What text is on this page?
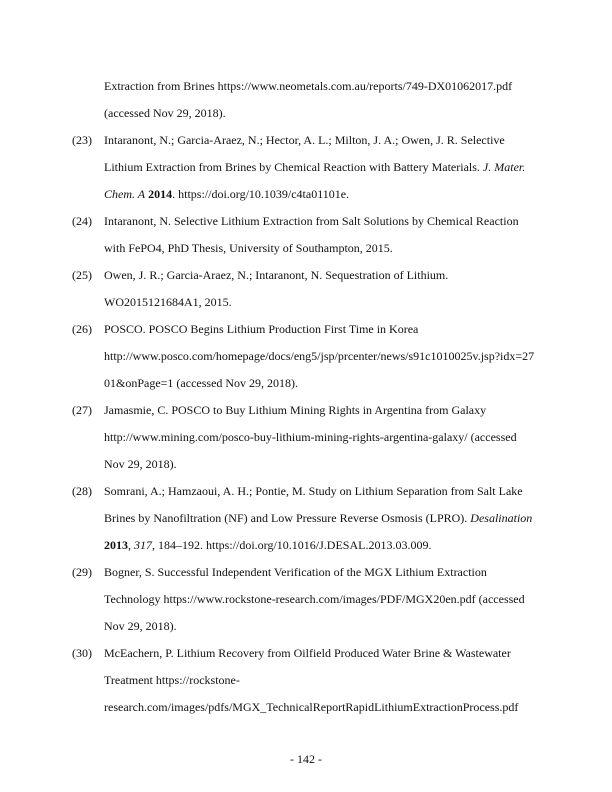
Extraction from Brines https://www.neometals.com.au/reports/749-DX01062017.pdf
(accessed Nov 29, 2018).
(23) Intaranont, N.; Garcia-Araez, N.; Hector, A. L.; Milton, J. A.; Owen, J. R. Selective
Lithium Extraction from Brines by Chemical Reaction with Battery Materials. J. Mater.
Chem. A 2014. https://doi.org/10.1039/c4ta01101e.
(24) Intaranont, N. Selective Lithium Extraction from Salt Solutions by Chemical Reaction
with FePO4, PhD Thesis, University of Southampton, 2015.
(25) Owen, J. R.; Garcia-Araez, N.; Intaranont, N. Sequestration of Lithium.
WO2015121684A1, 2015.
(26) POSCO. POSCO Begins Lithium Production First Time in Korea
http://www.posco.com/homepage/docs/eng5/jsp/prcenter/news/s91c1010025v.jsp?idx=27
01&onPage=1 (accessed Nov 29, 2018).
(27) Jamasmie, C. POSCO to Buy Lithium Mining Rights in Argentina from Galaxy
http://www.mining.com/posco-buy-lithium-mining-rights-argentina-galaxy/ (accessed
Nov 29, 2018).
(28) Somrani, A.; Hamzaoui, A. H.; Pontie, M. Study on Lithium Separation from Salt Lake
Brines by Nanofiltration (NF) and Low Pressure Reverse Osmosis (LPRO). Desalination
2013, 317, 184–192. https://doi.org/10.1016/J.DESAL.2013.03.009.
(29) Bogner, S. Successful Independent Verification of the MGX Lithium Extraction
Technology https://www.rockstone-research.com/images/PDF/MGX20en.pdf (accessed
Nov 29, 2018).
(30) McEachern, P. Lithium Recovery from Oilfield Produced Water Brine & Wastewater
Treatment https://rockstone-
research.com/images/pdfs/MGX_TechnicalReportRapidLithiumExtractionProcess.pdf
- 142 -
